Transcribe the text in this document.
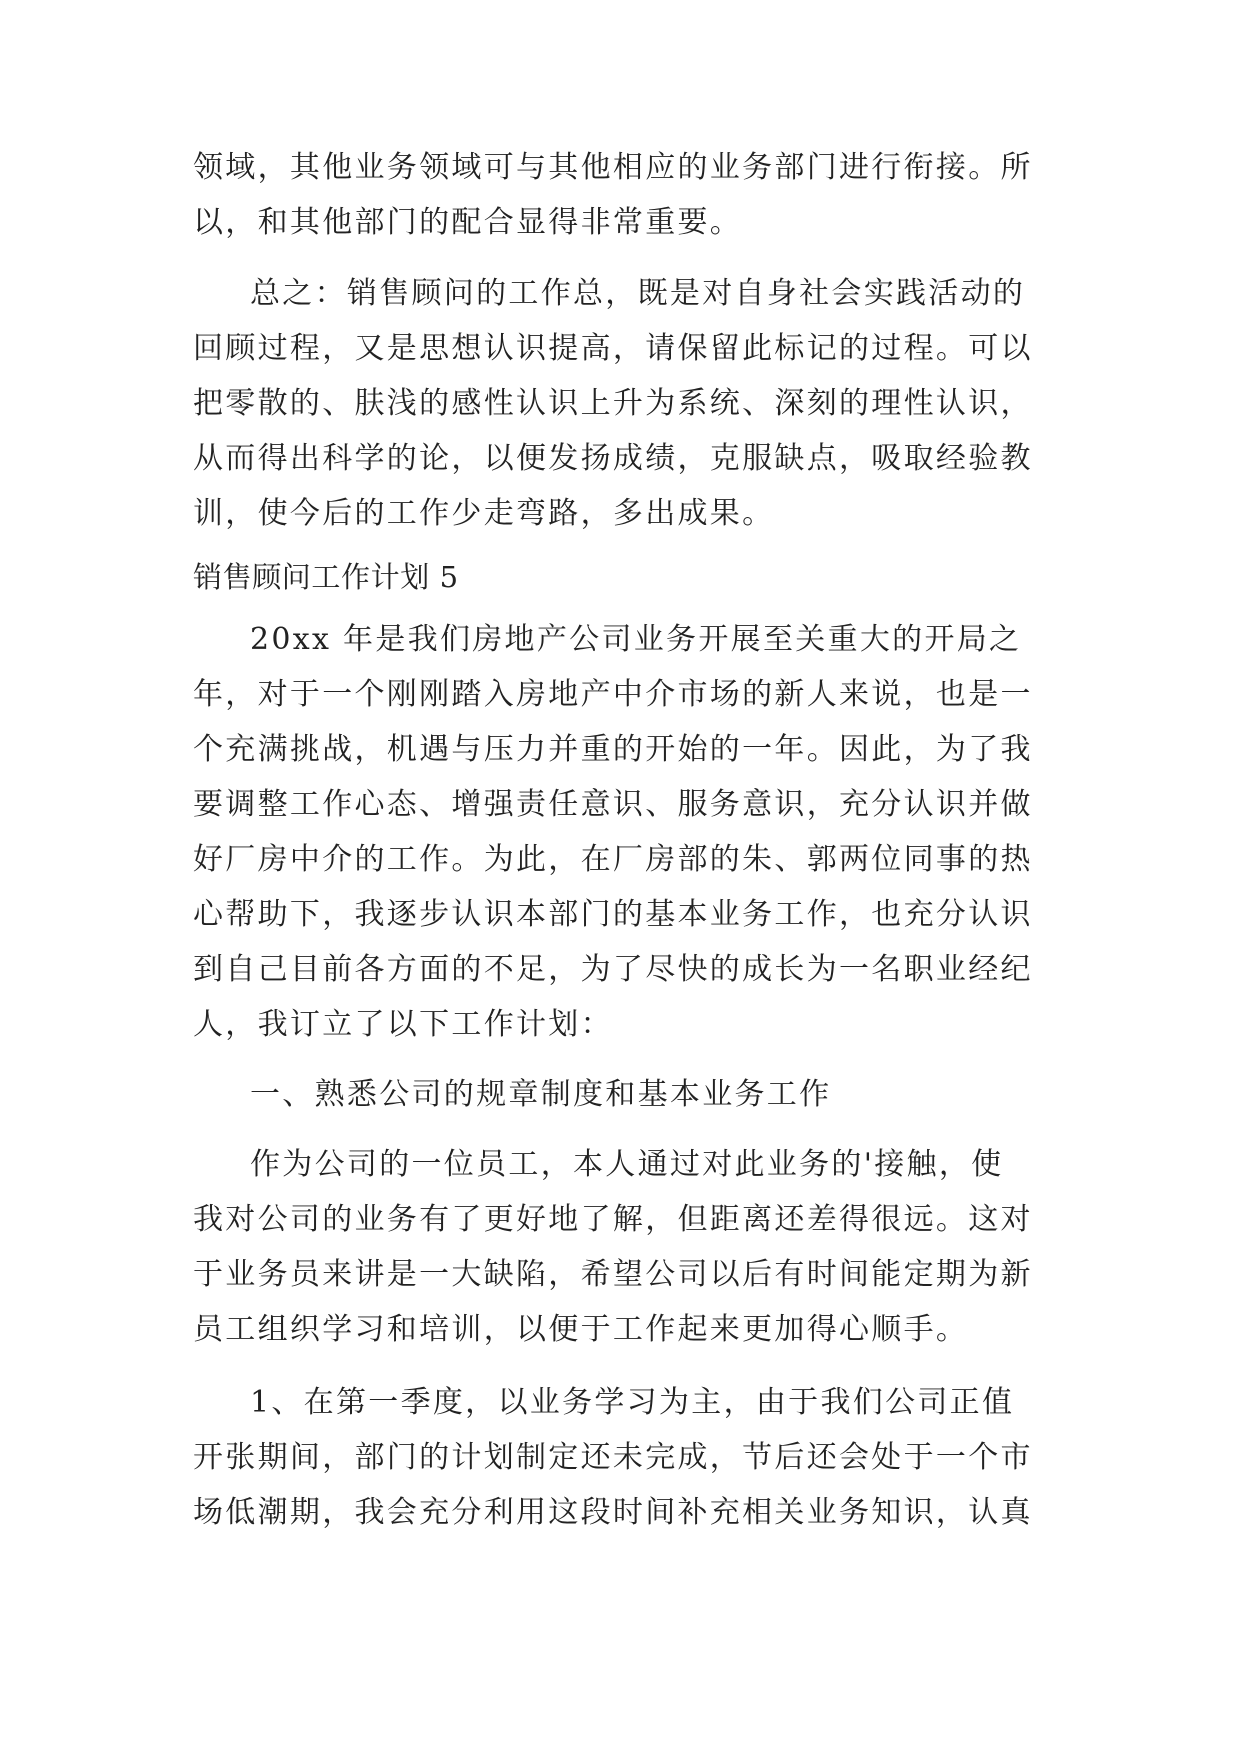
领域，其他业务领域可与其他相应的业务部门进行衔接。所
以，和其他部门的配合显得非常重要。
总之：销售顾问的工作总，既是对自身社会实践活动的
回顾过程，又是思想认识提高，请保留此标记的过程。可以
把零散的、肤浅的感性认识上升为系统、深刻的理性认识，
从而得出科学的论，以便发扬成绩，克服缺点，吸取经验教
训，使今后的工作少走弯路，多出成果。
销售顾问工作计划 5
20xx 年是我们房地产公司业务开展至关重大的开局之
年，对于一个刚刚踏入房地产中介市场的新人来说，也是一
个充满挑战，机遇与压力并重的开始的一年。因此，为了我
要调整工作心态、增强责任意识、服务意识，充分认识并做
好厂房中介的工作。为此，在厂房部的朱、郭两位同事的热
心帮助下，我逐步认识本部门的基本业务工作，也充分认识
到自己目前各方面的不足，为了尽快的成长为一名职业经纪
人，我订立了以下工作计划：
一、熟悉公司的规章制度和基本业务工作
作为公司的一位员工，本人通过对此业务的'接触，使
我对公司的业务有了更好地了解，但距离还差得很远。这对
于业务员来讲是一大缺陷，希望公司以后有时间能定期为新
员工组织学习和培训，以便于工作起来更加得心顺手。
1、在第一季度，以业务学习为主，由于我们公司正值
开张期间，部门的计划制定还未完成，节后还会处于一个市
场低潮期，我会充分利用这段时间补充相关业务知识，认真
